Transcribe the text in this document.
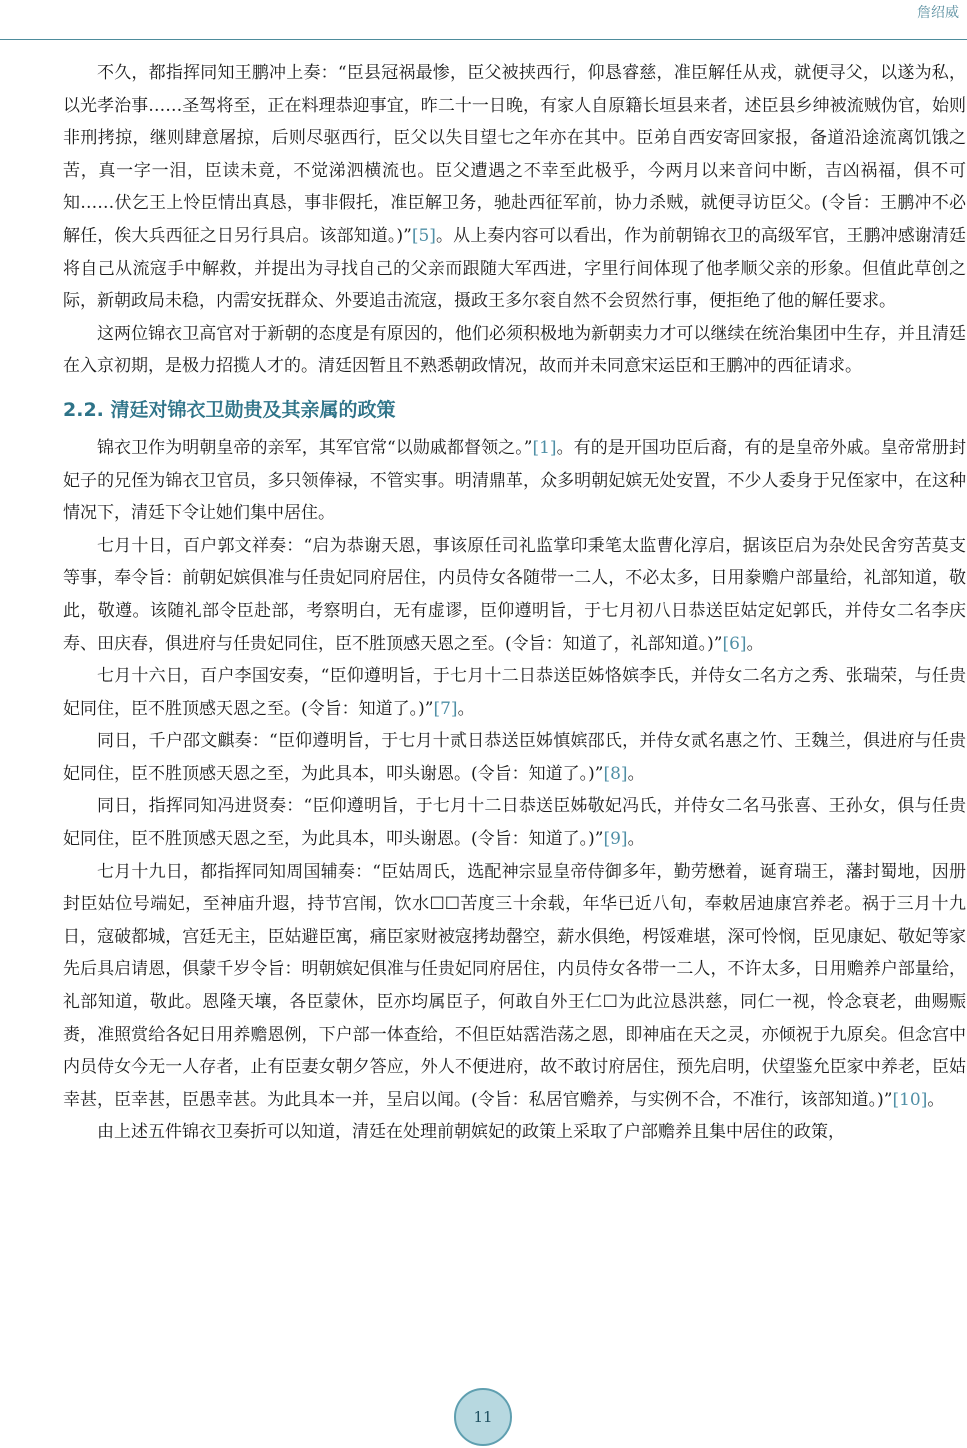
詹绍威

不久，都指挥同知王鹏冲上奏：“臣县冠祸最惨，臣父被挟西行，仰恳睿慈，准臣解任从戎，就便寻父，以遂为私，以光孝治事……圣驾将至，正在料理恭迎事宜，昨二十一日晚，有家人自原籍长垣县来者，述臣县乡绅被流贼伪官，始则非刑拷掠，继则肆意屠掠，后则尽驱西行，臣父以失目望七之年亦在其中。臣弟自西安寄回家报，备道沿途流离饥饿之苦，真一字一泪，臣读未竟，不觉涕泗横流也。臣父遭遇之不幸至此极乎，今两月以来音问中断，吉凶祸福，俱不可知……伏乞王上怜臣情出真恳，事非假托，准臣解卫务，驰赴西征军前，协力杀贼，就便寻访臣父。(令旨：王鹏冲不必解任，俟大兵西征之日另行具启。该部知道。)”[5]。从上奏内容可以看出，作为前朝锦衣卫的高级军官，王鹏冲感谢清廷将自己从流寇手中解救，并提出为寻找自己的父亲而跟随大军西进，字里行间体现了他孝顺父亲的形象。但值此草创之际，新朝政局未稳，内需安抚群众、外要追击流寇，摄政王多尔衮自然不会贸然行事，便拒绝了他的解任要求。

这两位锦衣卫高官对于新朝的态度是有原因的，他们必须积极地为新朝卖力才可以继续在统治集团中生存，并且清廷在入京初期，是极力招揽人才的。清廷因暂且不熟悉朝政情况，故而并未同意宋运臣和王鹏冲的西征请求。

2.2. 清廷对锦衣卫勋贵及其亲属的政策

锦衣卫作为明朝皇帝的亲军，其军官常“以勋戚都督领之。”[1]。有的是开国功臣后裔，有的是皇帝外戚。皇帝常册封妃子的兄侄为锦衣卫官员，多只领俸禄，不管实事。明清鼎革，众多明朝妃嫔无处安置，不少人委身于兄侄家中，在这种情况下，清廷下令让她们集中居住。

七月十日，百户郭文祥奏：“启为恭谢天恩，事该原任司礼监掌印秉笔太监曹化淳启，据该臣启为杂处民舍穷苦莫支等事，奉令旨：前朝妃嫔俱准与任贵妃同府居住，内员侍女各随带一二人，不必太多，日用豢赡户部量给，礼部知道，敬此，敬遵。该随礼部令臣赴部，考察明白，无有虚谬，臣仰遵明旨，于七月初八日恭送臣姑定妃郭氏，并侍女二名李庆寿、田庆春，俱进府与任贵妃同住，臣不胜顶感天恩之至。(令旨：知道了，礼部知道。)”[6]。

七月十六日，百户李国安奏，“臣仰遵明旨，于七月十二日恭送臣姊恪嫔李氏，并侍女二名方之秀、张瑞荣，与任贵妃同住，臣不胜顶感天恩之至。(令旨：知道了。)”[7]。

同日，千户邵文麒奏：“臣仰遵明旨，于七月十贰日恭送臣姊慎嫔邵氏，并侍女贰名惠之竹、王魏兰，俱进府与任贵妃同住，臣不胜顶感天恩之至，为此具本，叩头谢恩。(令旨：知道了。)”[8]。

同日，指挥同知冯进贤奏：“臣仰遵明旨，于七月十二日恭送臣姊敬妃冯氏，并侍女二名马张喜、王孙女，俱与任贵妃同住，臣不胜顶感天恩之至，为此具本，叩头谢恩。(令旨：知道了。)”[9]。

七月十九日，都指挥同知周国辅奏：“臣姑周氏，选配神宗显皇帝侍御多年，勤劳懋着，诞育瑞王，藩封蜀地，因册封臣姑位号端妃，至神庙升遐，持节宫闱，饮水☐☐苦度三十余载，年华已近八旬，奉敕居迪康宫养老。祸于三月十九日，寇破都城，宫廷无主，臣姑避臣寓，痛臣家财被寇拷劫罄空，薪水俱绝，枵馁难堪，深可怜悯，臣见康妃、敬妃等家先后具启请恩，俱蒙千岁令旨：明朝嫔妃俱准与任贵妃同府居住，内员侍女各带一二人，不许太多，日用赡养户部量给，礼部知道，敬此。恩隆天壤，各臣蒙休，臣亦均属臣子，何敢自外王仁☐为此泣恳洪慈，同仁一视，怜念衰老，曲赐赈赉，准照赏给各妃日用养赡恩例，下户部一体查给，不但臣姑霑浩荡之恩，即神庙在天之灵，亦倾祝于九原矣。但念宫中内员侍女今无一人存者，止有臣妻女朝夕答应，外人不便进府，故不敢讨府居住，预先启明，伏望鉴允臣家中养老，臣姑幸甚，臣幸甚，臣愚幸甚。为此具本一并，呈启以闻。(令旨：私居官赡养，与实例不合，不准行，该部知道。)”[10]。

由上述五件锦衣卫奏折可以知道，清廷在处理前朝嫔妃的政策上采取了户部赡养且集中居住的政策，

11
